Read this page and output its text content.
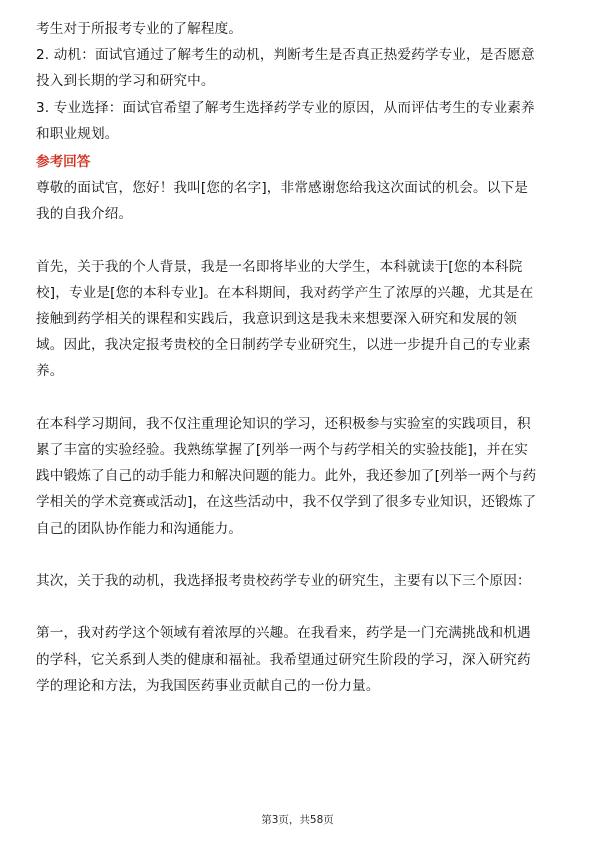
考生对于所报考专业的了解程度。
2. 动机：面试官通过了解考生的动机，判断考生是否真正热爱药学专业，是否愿意
投入到长期的学习和研究中。
3. 专业选择：面试官希望了解考生选择药学专业的原因，从而评估考生的专业素养
和职业规划。
参考回答
尊敬的面试官，您好！我叫[您的名字]，非常感谢您给我这次面试的机会。以下是
我的自我介绍。
首先，关于我的个人背景，我是一名即将毕业的大学生，本科就读于[您的本科院
校]，专业是[您的本科专业]。在本科期间，我对药学产生了浓厚的兴趣，尤其是在
接触到药学相关的课程和实践后，我意识到这是我未来想要深入研究和发展的领
域。因此，我决定报考贵校的全日制药学专业研究生，以进一步提升自己的专业素
养。
在本科学习期间，我不仅注重理论知识的学习，还积极参与实验室的实践项目，积
累了丰富的实验经验。我熟练掌握了[列举一两个与药学相关的实验技能]，并在实
践中锻炼了自己的动手能力和解决问题的能力。此外，我还参加了[列举一两个与药
学相关的学术竞赛或活动]，在这些活动中，我不仅学到了很多专业知识，还锻炼了
自己的团队协作能力和沟通能力。
其次，关于我的动机，我选择报考贵校药学专业的研究生，主要有以下三个原因：
第一，我对药学这个领域有着浓厚的兴趣。在我看来，药学是一门充满挑战和机遇
的学科，它关系到人类的健康和福祉。我希望通过研究生阶段的学习，深入研究药
学的理论和方法，为我国医药事业贡献自己的一份力量。
第3页，共58页
